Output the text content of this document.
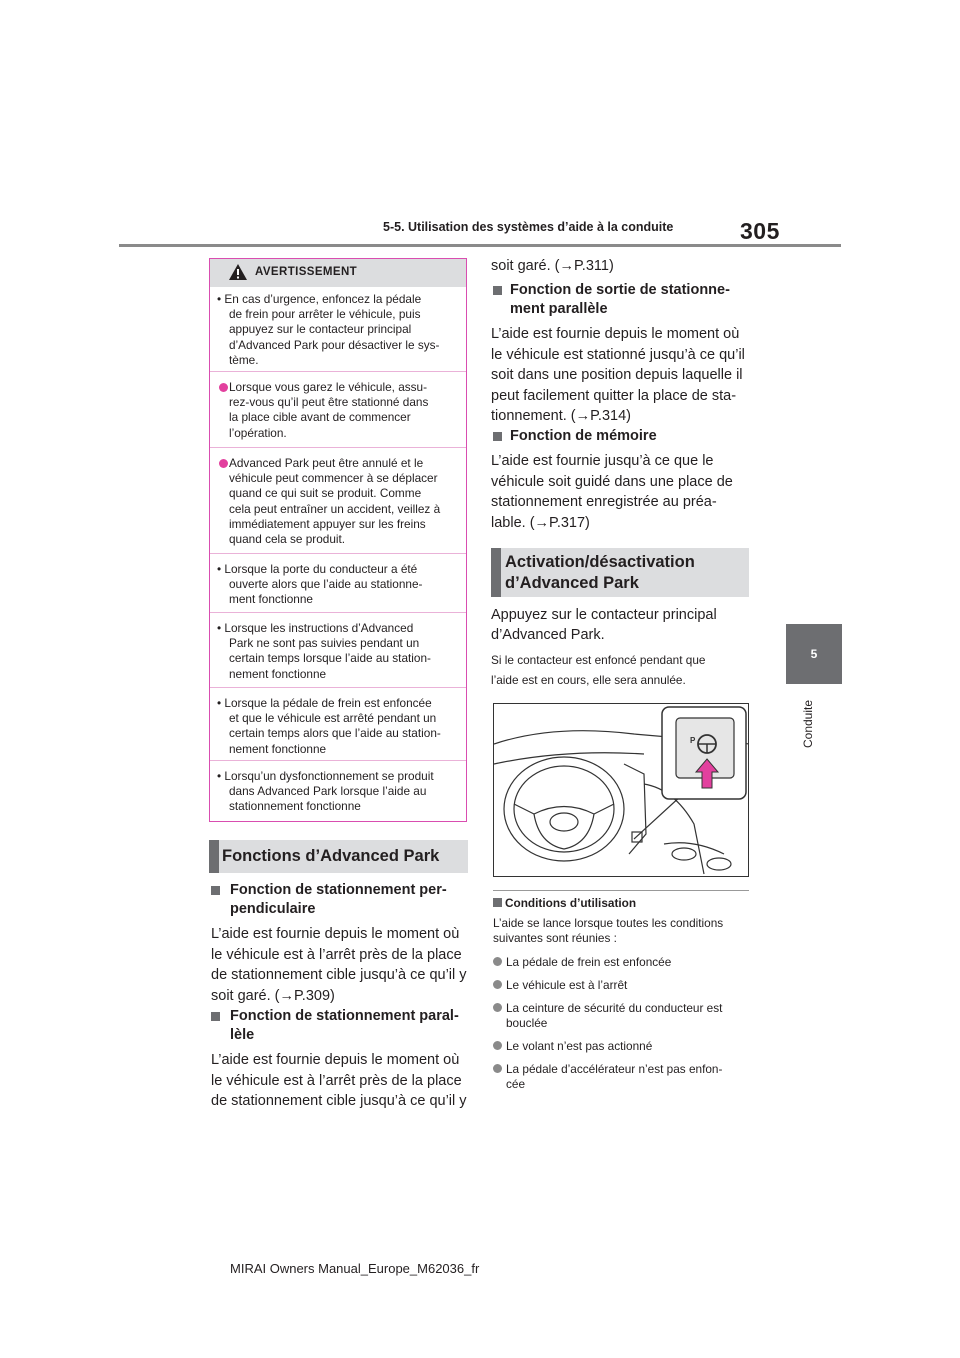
5-5. Utilisation des systèmes d’aide à la conduite	305
5
Conduite
AVERTISSEMENT
Fonctions d’Advanced Park
soit garé. (→P.311)
Activation/désactivation
d’Advanced Park
Appuyez sur le contacteur principal
d’Advanced Park.
Si le contacteur est enfoncé pendant que
l’aide est en cours, elle sera annulée.
P
Conditions d’utilisation
L’aide se lance lorsque toutes les conditions
suivantes sont réunies :
MIRAI Owners Manual_Europe_M62036_fr
• En cas d’urgence, enfoncez la pédale
de frein pour arrêter le véhicule, puis
appuyez sur le contacteur principal
d’Advanced Park pour désactiver le sys-
tème.
Lorsque vous garez le véhicule, assu-
rez-vous qu’il peut être stationné dans
la place cible avant de commencer
l’opération.
Advanced Park peut être annulé et le
véhicule peut commencer à se déplacer
quand ce qui suit se produit. Comme
cela peut entraîner un accident, veillez à
immédiatement appuyer sur les freins
quand cela se produit.
• Lorsque la porte du conducteur a été
ouverte alors que l’aide au stationne-
ment fonctionne
• Lorsque les instructions d’Advanced
Park ne sont pas suivies pendant un
certain temps lorsque l’aide au station-
nement fonctionne
• Lorsque la pédale de frein est enfoncée
et que le véhicule est arrêté pendant un
certain temps alors que l’aide au station-
nement fonctionne
• Lorsqu’un dysfonctionnement se produit
dans Advanced Park lorsque l’aide au
stationnement fonctionne
Fonction de stationnement per-
pendiculaire
L’aide est fournie depuis le moment où
le véhicule est à l’arrêt près de la place
de stationnement cible jusqu’à ce qu’il y
soit garé. (→P.309)
Fonction de stationnement paral-
lèle
L’aide est fournie depuis le moment où
le véhicule est à l’arrêt près de la place
de stationnement cible jusqu’à ce qu’il y
Fonction de sortie de stationne-
ment parallèle
L’aide est fournie depuis le moment où
le véhicule est stationné jusqu’à ce qu’il
soit dans une position depuis laquelle il
peut facilement quitter la place de sta-
tionnement. (→P.314)
Fonction de mémoire
L’aide est fournie jusqu’à ce que le
véhicule soit guidé dans une place de
stationnement enregistrée au préa-
lable. (→P.317)
La pédale de frein est enfoncée
Le véhicule est à l’arrêt
La ceinture de sécurité du conducteur est
bouclée
Le volant n’est pas actionné
La pédale d’accélérateur n’est pas enfon-
cée
